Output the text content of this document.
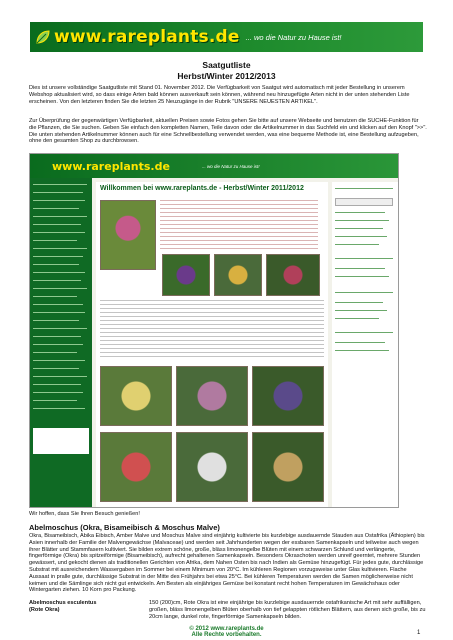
www.rareplants.de ... wo die Natur zu Hause ist!
Saatgutliste
Herbst/Winter 2012/2013

Dies ist unsere vollständige Saatgutliste mit Stand 01. November 2012. Die Verfügbarkeit von Saatgut wird automatisch mit jeder Bestellung in unserem Webshop aktualisiert wird, so dass einige Arten bald können ausverkauft sein können, während neu hinzugefügte Arten nicht in der unten stehenden Liste erscheinen. Von den letzteren finden Sie die letzten 25 Neuzugänge in der Rubrik "UNSERE NEUESTEN ARTIKEL".

Zur Überprüfung der gegenwärtigen Verfügbarkeit, aktuellen Preisen sowie Fotos gehen Sie bitte auf unsere Webseite und benutzen die SUCHE-Funktion für die Pflanzen, die Sie suchen. Geben Sie einfach den kompletten Namen, Teile davon oder die Artikelnummer in das Suchfeld ein und klicken auf den Knopf ">>". Die unten stehenden Artikelnummer können auch für eine Schnellbestellung verwendet werden, was eine bequeme Methode ist, eine Bestellung aufzugeben, ohne den gesamten Shop zu durchbrowsen.

www.rareplants.de	... wo die Natur zu Hause ist!
Willkommen bei www.rareplants.de - Herbst/Winter 2011/2012
Wir hoffen, dass Sie Ihren Besuch genießen!
Abelmoschus (Okra, Bisameibisch & Moschus Malve)

Okra, Bisameibisch, Abika Eibisch, Amber Malve und Moschus Malve sind einjährig kultivierte bis kurzlebige ausdauernde Stauden aus Ostafrika (Äthiopien) bis Asien innerhalb der Familie der Malvengewächse (Malvaceae) und werden seit Jahrhunderten wegen der essbaren Samenkapseln und teilweise auch wegen ihrer Blätter und Stammfasern kultiviert. Sie bilden extrem schöne, große, bläss limonengelbe Blüten mit einem schwarzen Schlund und verlängerte, fingerförmige (Okra) bis spitzeiförmige (Bisameibisch), aufrecht gehaltenen Samenkapseln. Besonders Okraschoten werden unreif geerntet, mehrere Stunden gewässert, und gekocht dienen als traditionellen Gerichten von Afrika, dem Nahen Osten bis nach Indien als Gemüse hinzugefügt. Für jedes gute, durchlässige Substrat mit ausreichendem Wassergaben im Sommer bei einem Minimum von 20°C. Im kühleren Regionen vorzugsweise unter Glas kultivieren. Flache Aussaat in pralle gute, durchlässige Substrat in der Mitte des Frühjahrs bei etwa 25°C. Bei kühleren Temperaturen werden die Samen möglicherweise nicht keimen und die Sämlinge sich nicht gut entwickeln. Am Besten als einjähriges Gemüse bei konstant recht hohen Temperaturen im Gewächshaus oder Wintergarten ziehen. 10 Korn pro Packung.

Abelmoschus esculentus
(Rote Okra)
150 (200)cm, Rote Okra ist eine einjährige bis kurzlebige ausdauernde ostafrikanische Art mit sehr auffälligen, großen, bläss limonengelben Blüten oberhalb von tief gelappten rötlichen Blättern, aus denen sich große, bis zu 20cm lange, dunkel rote, fingerförmige Samenkapseln bilden.
© 2012 www.rareplants.de
Alle Rechte vorbehalten.	1
